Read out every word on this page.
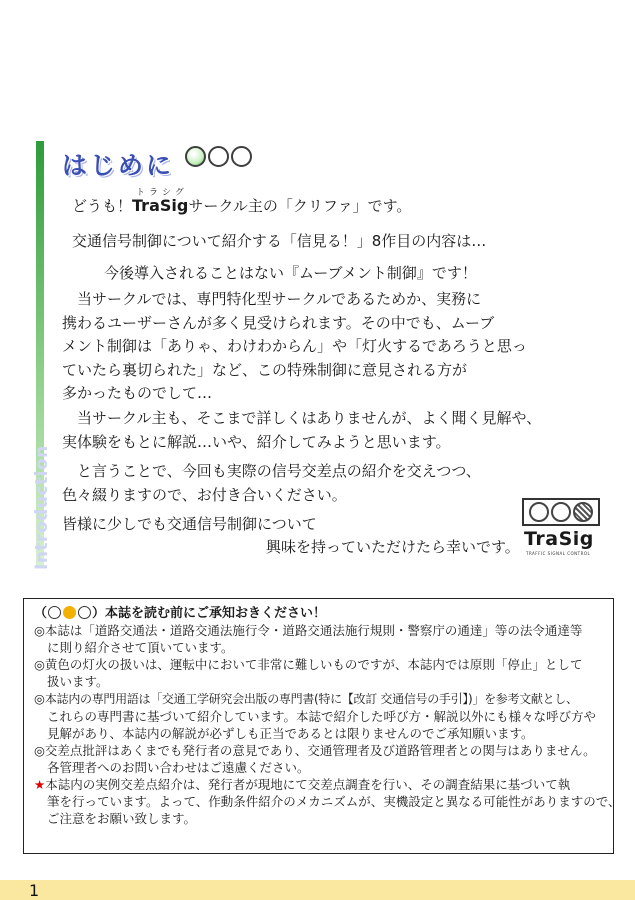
Introduction
はじめに
どうも！
トラシグ
TraSigサークル主の「クリファ」です。
交通信号制御について紹介する「信見る！」8作目の内容は…
今後導入されることはない『ムーブメント制御』です！
当サークルでは、専門特化型サークルであるためか、実務に
携わるユーザーさんが多く見受けられます。その中でも、ムーブ
メント制御は「ありゃ、わけわからん」や「灯火するであろうと思っ
ていたら裏切られた」など、この特殊制御に意見される方が
多かったものでして…
当サークル主も、そこまで詳しくはありませんが、よく聞く見解や、
実体験をもとに解説…いや、紹介してみようと思います。
と言うことで、今回も実際の信号交差点の紹介を交えつつ、
色々綴りますので、お付き合いください。
皆様に少しでも交通信号制御について
興味を持っていただけたら幸いです。 TraSig
TRAFFIC SIGNAL CONTROL
（	）本誌を読む前にご承知おきください！
◎本誌は「道路交通法・道路交通法施行令・道路交通法施行規則・警察庁の通達」等の法令通達等
に則り紹介させて頂いています。
◎黄色の灯火の扱いは、運転中において非常に難しいものですが、本誌内では原則「停止」として
扱います。
◎本誌内の専門用語は「交通工学研究会出版の専門書(特に【改訂 交通信号の手引】)」を参考文献とし、
これらの専門書に基づいて紹介しています。本誌で紹介した呼び方・解説以外にも様々な呼び方や
見解があり、本誌内の解説が必ずしも正当であるとは限りませんのでご承知願います。
◎交差点批評はあくまでも発行者の意見であり、交通管理者及び道路管理者との関与はありません。
各管理者へのお問い合わせはご遠慮ください。
★本誌内の実例交差点紹介は、発行者が現地にて交差点調査を行い、その調査結果に基づいて執
筆を行っています。よって、作動条件紹介のメカニズムが、実機設定と異なる可能性がありますので、
ご注意をお願い致します。
1
